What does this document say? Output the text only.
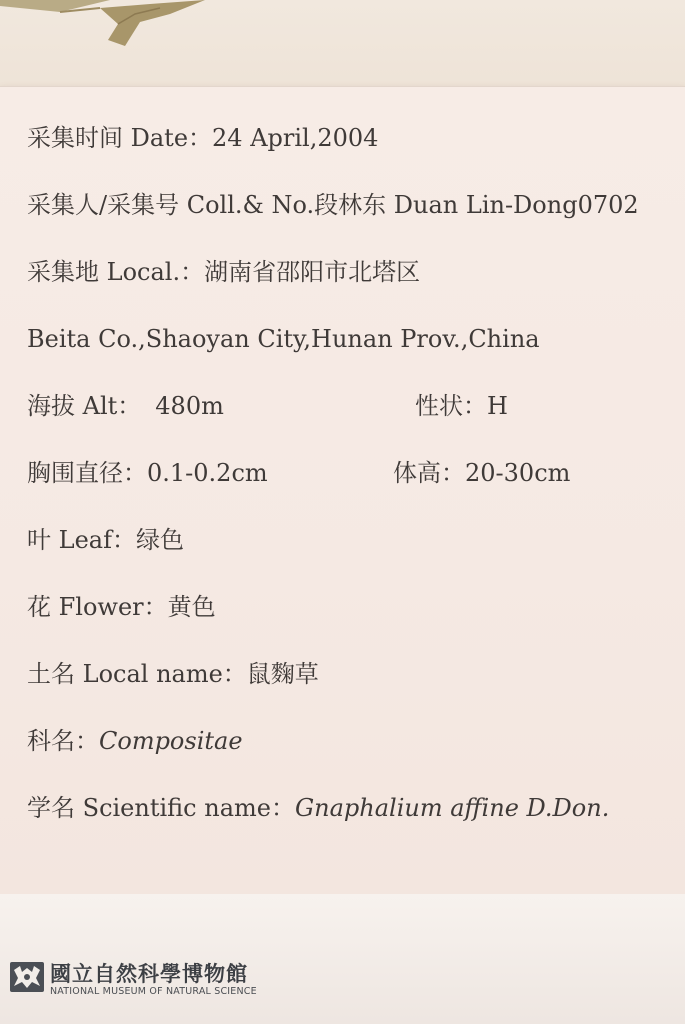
采集时间 Date：24 April,2004
采集人/采集号 Coll.& No.段林东 Duan Lin-Dong0702
采集地 Local.：湖南省邵阳市北塔区
Beita Co.,Shaoyan City,Hunan Prov.,China
海拔 Alt： 480m	性状：H
胸围直径：0.1-0.2cm	体高：20-30cm
叶 Leaf：绿色
花 Flower：黄色
土名 Local name：鼠麴草
科名：Compositae
学名 Scientific name：Gnaphalium affine D.Don.
國立自然科學博物館
NATIONAL MUSEUM OF NATURAL SCIENCE
